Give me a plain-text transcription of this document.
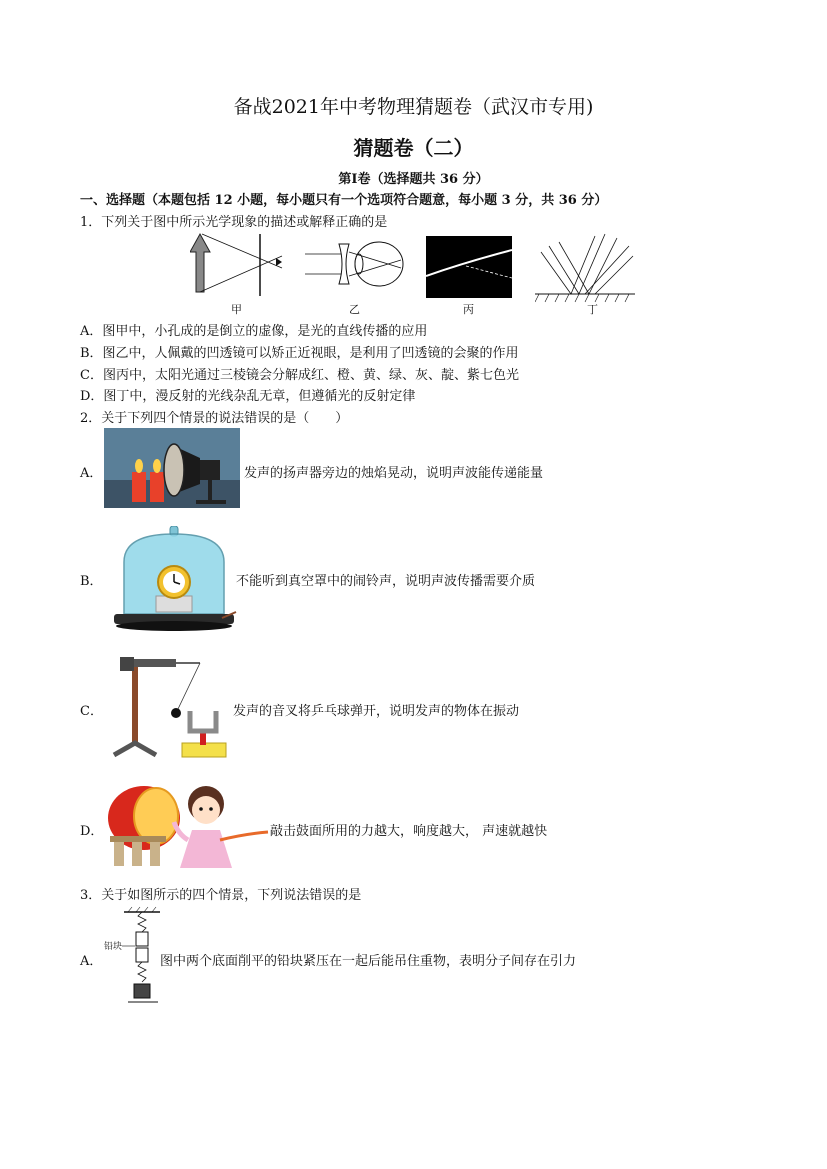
备战2021年中考物理猜题卷（武汉市专用)
猜题卷（二）
第Ⅰ卷（选择题共 36 分）
一、选择题（本题包括 12 小题，每小题只有一个选项符合题意，每小题 3 分，共 36 分）
1．下列关于图中所示光学现象的描述或解释正确的是
甲	乙	丙	丁
A．图甲中，小孔成的是倒立的虚像，是光的直线传播的应用
B．图乙中，人佩戴的凹透镜可以矫正近视眼，是利用了凹透镜的会聚的作用
C．图丙中，太阳光通过三棱镜会分解成红、橙、黄、绿、灰、靛、紫七色光
D．图丁中，漫反射的光线杂乱无章，但遵循光的反射定律
2．关于下列四个情景的说法错误的是（　　）
A．	发声的扬声器旁边的烛焰晃动，说明声波能传递能量
B．	不能听到真空罩中的闹铃声，说明声波传播需要介质
C．	发声的音叉将乒乓球弹开，说明发声的物体在振动
D．	敲击鼓面所用的力越大，响度越大， 声速就越快
3．关于如图所示的四个情景，下列说法错误的是
A．
铅块
图中两个底面削平的铅块紧压在一起后能吊住重物，表明分子间存在引力
